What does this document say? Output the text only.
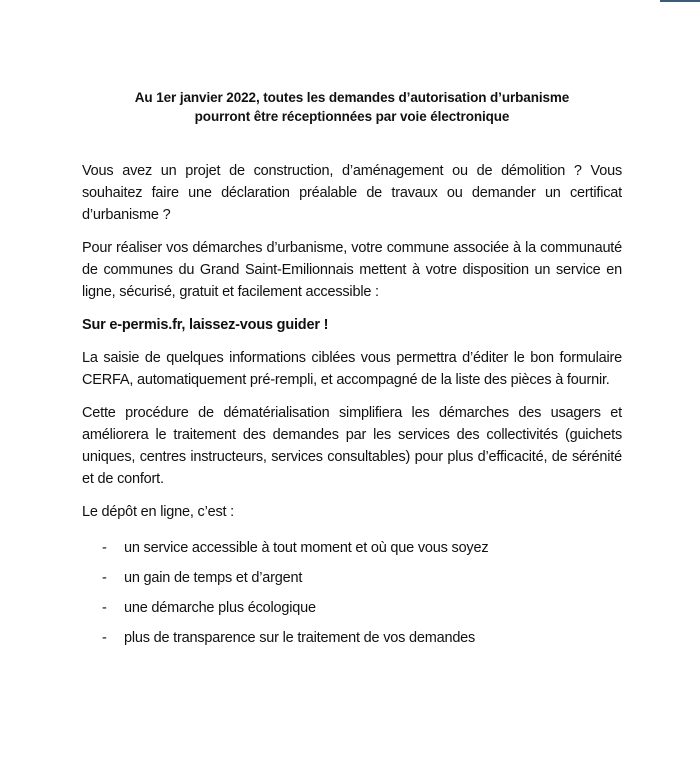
Au 1er janvier 2022, toutes les demandes d’autorisation d’urbanisme
pourront être réceptionnées par voie électronique

Vous avez un projet de construction, d’aménagement ou de démolition ? Vous souhaitez faire une déclaration préalable de travaux ou demander un certificat d’urbanisme ?

Pour réaliser vos démarches d’urbanisme, votre commune associée à la communauté de communes du Grand Saint-Emilionnais mettent à votre disposition un service en ligne, sécurisé, gratuit et facilement accessible :

Sur e-permis.fr, laissez-vous guider !

La saisie de quelques informations ciblées vous permettra d’éditer le bon formulaire CERFA, automatiquement pré-rempli, et accompagné de la liste des pièces à fournir.

Cette procédure de dématérialisation simplifiera les démarches des usagers et améliorera le traitement des demandes par les services des collectivités (guichets uniques, centres instructeurs, services consultables) pour plus d’efficacité, de sérénité et de confort.

Le dépôt en ligne, c’est :

- un service accessible à tout moment et où que vous soyez
- un gain de temps et d’argent
- une démarche plus écologique
- plus de transparence sur le traitement de vos demandes
